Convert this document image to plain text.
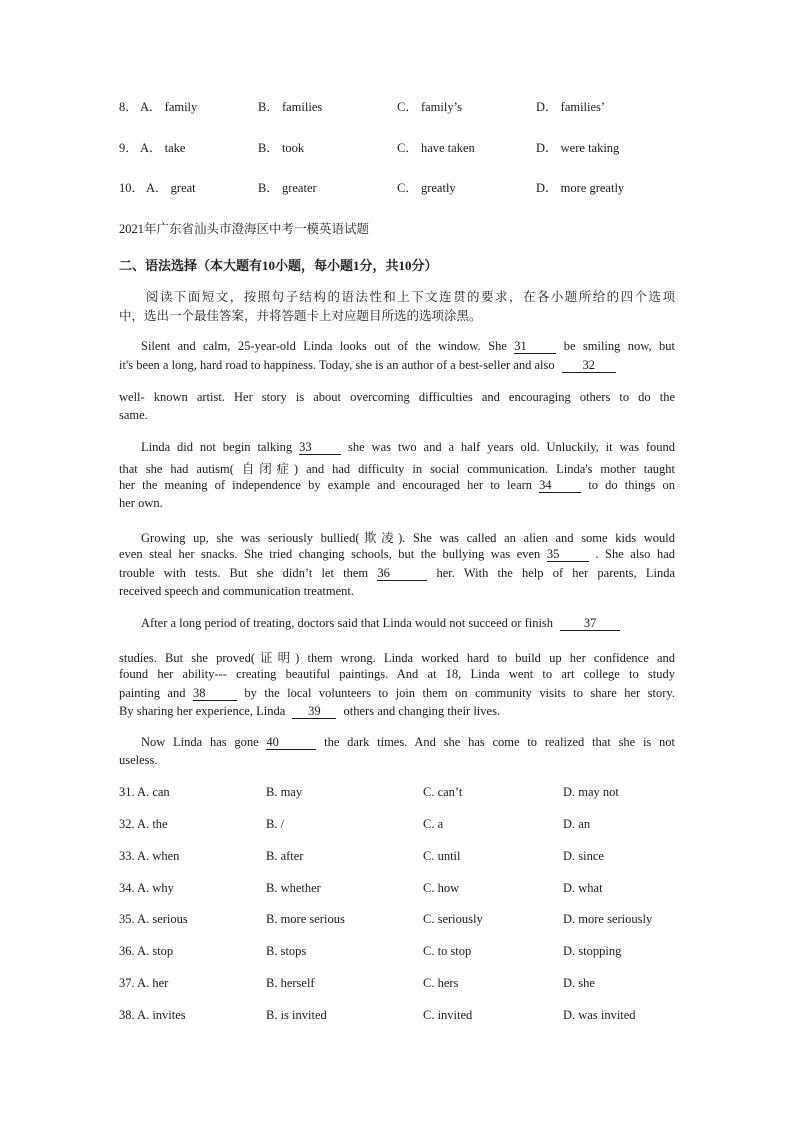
8． A． family	B． families	C． family’s	D． families’
9． A． take	B． took	C． have taken	D． were taking
10． A． great	B． greater	C． greatly	D． more greatly
2021年广东省汕头市澄海区中考一模英语试题
二、语法选择（本大题有10小题，每小题1分，共10分）
阅读下面短文，按照句子结构的语法性和上下文连贯的要求，在各小题所给的四个选项
中，选出一个最佳答案，并将答题卡上对应题目所选的选项涂黑。
Silent and calm, 25-year-old Linda looks out of the window. She 31	be smiling now, but
it's been a long, hard road to happiness. Today, she is an author of a best-seller and also 32
well- known artist. Her story is about overcoming difficulties and encouraging others to do the
same.
Linda did not begin talking 33	she was two and a half years old. Unluckily, it was found
that she had autism( 自闭症) and had difficulty in social communication. Linda's mother taught
her the meaning of independence by example and encouraged her to learn 34	to do things on
her own.
Growing up, she was seriously bullied(欺凌). She was called an alien and some kids would
even steal her snacks. She tried changing schools, but the bullying was even 35	. She also had
trouble with tests. But she didn’t let them 36	her. With the help of her parents, Linda
received speech and communication treatment.
After a long period of treating, doctors said that Linda would not succeed or finish 37
studies. But she proved(证明) them wrong. Linda worked hard to build up her confidence and
found her ability--- creating beautiful paintings. And at 18, Linda went to art college to study
painting and 38	by the local volunteers to join them on community visits to share her story.
By sharing her experience, Linda 39 others and changing their lives.
Now Linda has gone 40	the dark times. And she has come to realized that she is not
useless.
31. A. can	B. may	C. can’t	D. may not
32. A. the	B. /	C. a	D. an
33. A. when	B. after	C. until	D. since
34. A. why	B. whether	C. how	D. what
35. A. serious	B. more serious	C. seriously	D. more seriously
36. A. stop	B. stops	C. to stop	D. stopping
37. A. her	B. herself	C. hers	D. she
38. A. invites	B. is invited	C. invited	D. was invited
